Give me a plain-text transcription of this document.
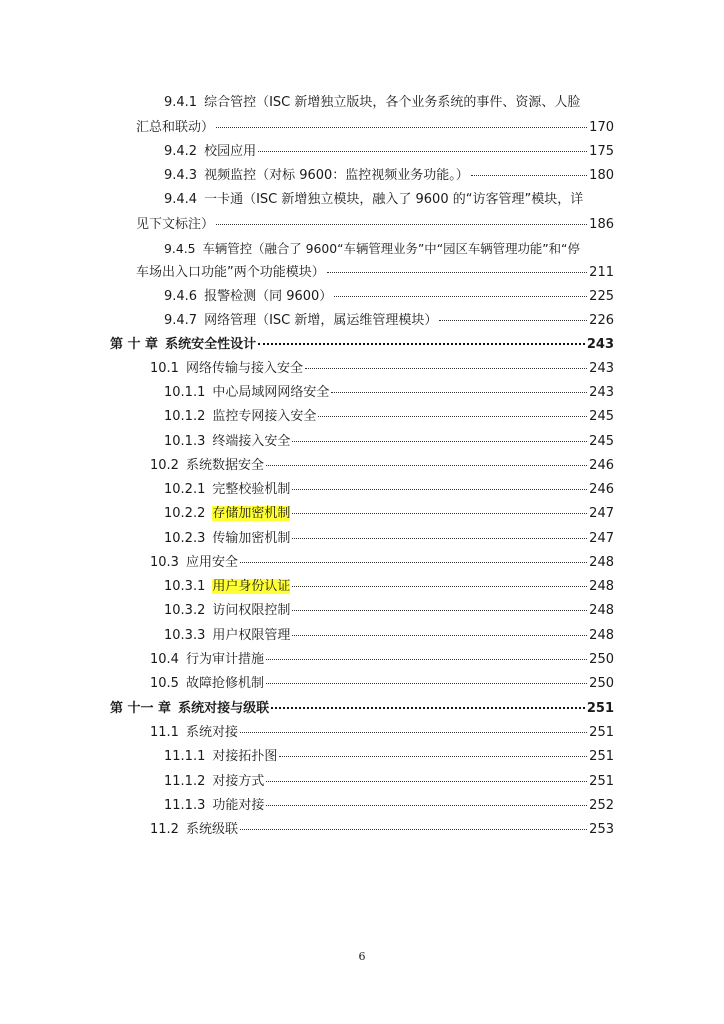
9.4.1 综合管控（ISC 新增独立版块，各个业务系统的事件、资源、人脸
汇总和联动）	170
9.4.2 校园应用	175
9.4.3 视频监控（对标 9600：监控视频业务功能。）	180
9.4.4 一卡通（ISC 新增独立模块，融入了 9600 的“访客管理”模块，详
见下文标注）	186
9.4.5 车辆管控（融合了 9600“车辆管理业务”中“园区车辆管理功能”和“停
车场出入口功能”两个功能模块）	211
9.4.6 报警检测（同 9600）	225
9.4.7 网络管理（ISC 新增，属运维管理模块）	226
第 十 章 系统安全性设计	243
10.1 网络传输与接入安全	243
10.1.1 中心局域网网络安全	243
10.1.2 监控专网接入安全	245
10.1.3 终端接入安全	245
10.2 系统数据安全	246
10.2.1 完整校验机制	246
10.2.2 存储加密机制	247
10.2.3 传输加密机制	247
10.3 应用安全	248
10.3.1 用户身份认证	248
10.3.2 访问权限控制	248
10.3.3 用户权限管理	248
10.4 行为审计措施	250
10.5 故障抢修机制	250
第 十一 章 系统对接与级联	251
11.1 系统对接	251
11.1.1 对接拓扑图	251
11.1.2 对接方式	251
11.1.3 功能对接	252
11.2 系统级联	253
6
